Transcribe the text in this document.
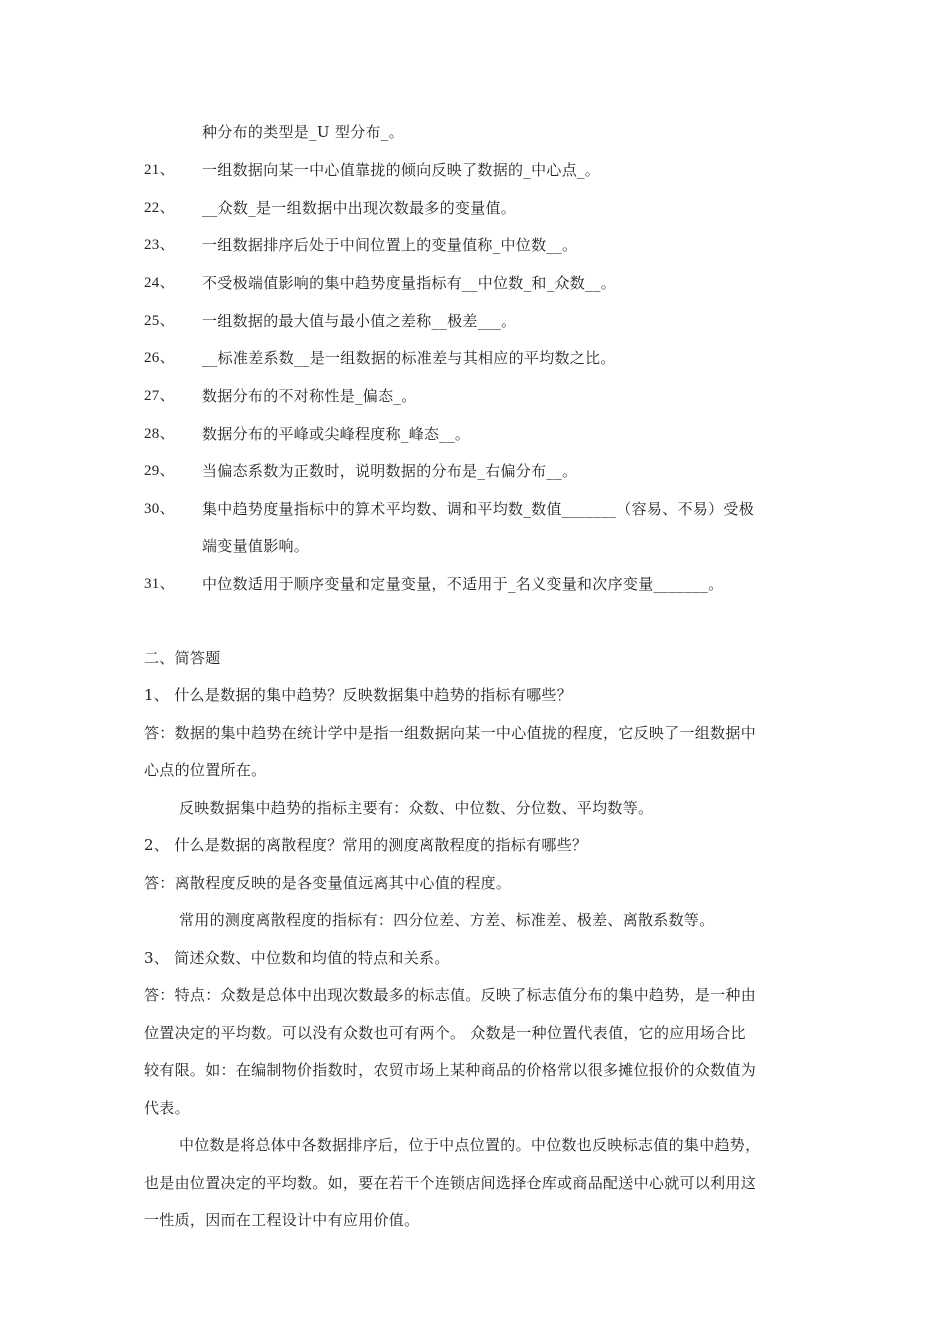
种分布的类型是_U 型分布_。
21、 一组数据向某一中心值靠拢的倾向反映了数据的_中心点_。
22、 __众数_是一组数据中出现次数最多的变量值。
23、 一组数据排序后处于中间位置上的变量值称_中位数__。
24、 不受极端值影响的集中趋势度量指标有__中位数_和_众数__。
25、 一组数据的最大值与最小值之差称__极差___。
26、 __标准差系数__是一组数据的标准差与其相应的平均数之比。
27、 数据分布的不对称性是_偏态_。
28、 数据分布的平峰或尖峰程度称_峰态__。
29、 当偏态系数为正数时，说明数据的分布是_右偏分布__。
30、 集中趋势度量指标中的算术平均数、调和平均数_数值_______（容易、不易）受极
端变量值影响。
31、 中位数适用于顺序变量和定量变量，不适用于_名义变量和次序变量_______。
二、简答题
1、 什么是数据的集中趋势？反映数据集中趋势的指标有哪些？
答：数据的集中趋势在统计学中是指一组数据向某一中心值拢的程度，它反映了一组数据中
心点的位置所在。
反映数据集中趋势的指标主要有：众数、中位数、分位数、平均数等。
2、 什么是数据的离散程度？常用的测度离散程度的指标有哪些？
答：离散程度反映的是各变量值远离其中心值的程度。
常用的测度离散程度的指标有：四分位差、方差、标准差、极差、离散系数等。
3、 简述众数、中位数和均值的特点和关系。
答：特点：众数是总体中出现次数最多的标志值。反映了标志值分布的集中趋势，是一种由
位置决定的平均数。可以没有众数也可有两个。 众数是一种位置代表值，它的应用场合比
较有限。如：在编制物价指数时，农贸市场上某种商品的价格常以很多摊位报价的众数值为
代表。
中位数是将总体中各数据排序后，位于中点位置的。中位数也反映标志值的集中趋势，
也是由位置决定的平均数。如，要在若干个连锁店间选择仓库或商品配送中心就可以利用这
一性质，因而在工程设计中有应用价值。
